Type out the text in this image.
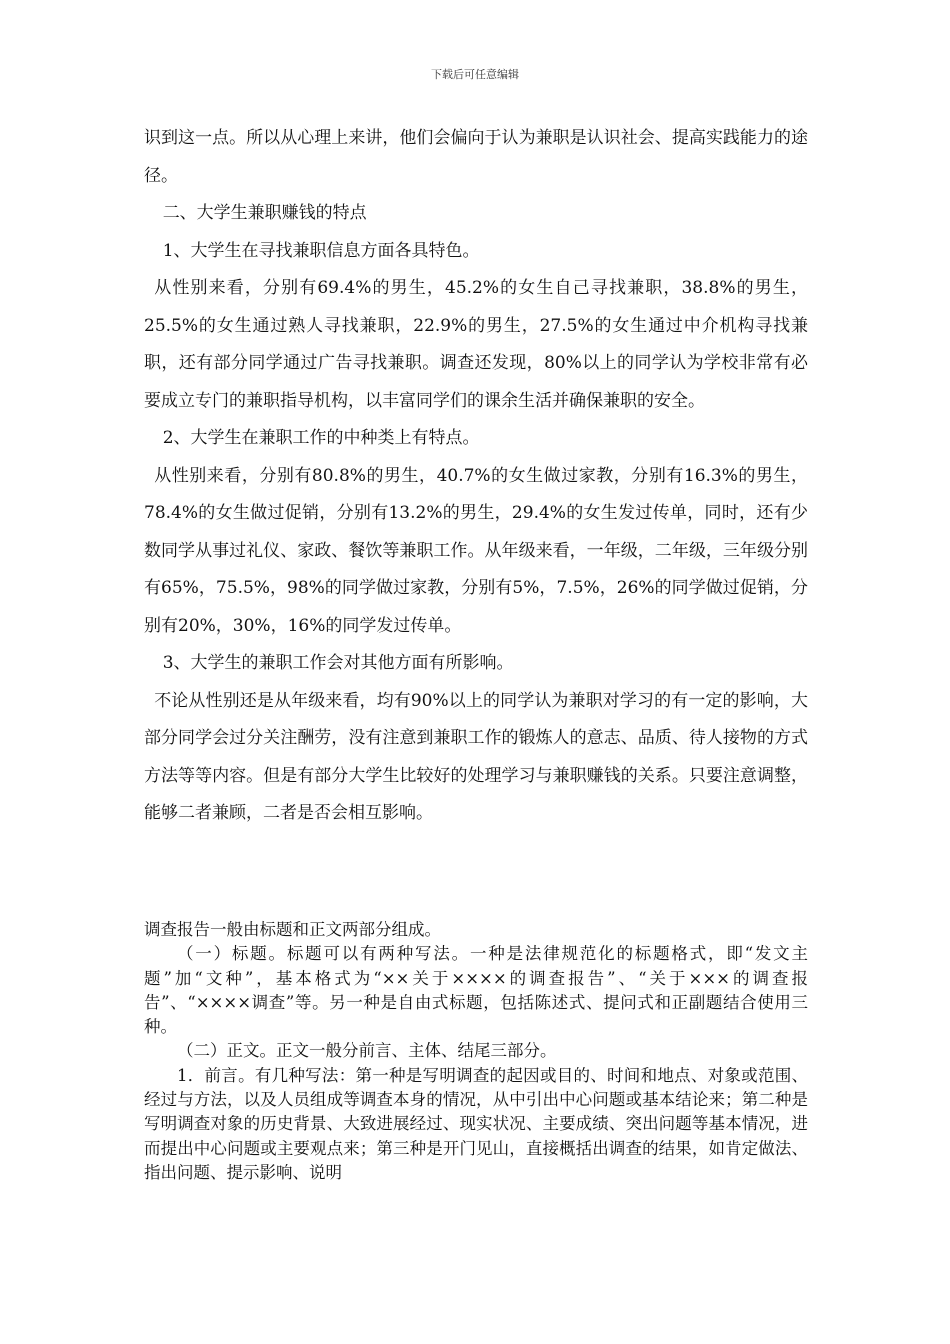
下载后可任意编辑

识到这一点。所以从心理上来讲，他们会偏向于认为兼职是认识社会、提高实践能力的途径。

二、大学生兼职赚钱的特点

1、大学生在寻找兼职信息方面各具特色。

从性别来看，分别有69.4%的男生，45.2%的女生自己寻找兼职，38.8%的男生，25.5%的女生通过熟人寻找兼职，22.9%的男生，27.5%的女生通过中介机构寻找兼职，还有部分同学通过广告寻找兼职。调查还发现，80%以上的同学认为学校非常有必要成立专门的兼职指导机构，以丰富同学们的课余生活并确保兼职的安全。

2、大学生在兼职工作的中种类上有特点。

从性别来看，分别有80.8%的男生，40.7%的女生做过家教，分别有16.3%的男生，78.4%的女生做过促销，分别有13.2%的男生，29.4%的女生发过传单，同时，还有少数同学从事过礼仪、家政、餐饮等兼职工作。从年级来看，一年级，二年级，三年级分别有65%，75.5%，98%的同学做过家教，分别有5%，7.5%，26%的同学做过促销，分别有20%，30%，16%的同学发过传单。

3、大学生的兼职工作会对其他方面有所影响。

不论从性别还是从年级来看，均有90%以上的同学认为兼职对学习的有一定的影响，大部分同学会过分关注酬劳，没有注意到兼职工作的锻炼人的意志、品质、待人接物的方式方法等等内容。但是有部分大学生比较好的处理学习与兼职赚钱的关系。只要注意调整，能够二者兼顾，二者是否会相互影响。

调查报告一般由标题和正文两部分组成。

（一）标题。标题可以有两种写法。一种是法律规范化的标题格式，即“发文主题”加“文种”，基本格式为“××关于××××的调查报告”、“关于×××的调查报告”、“××××调查”等。另一种是自由式标题，包括陈述式、提问式和正副题结合使用三种。

（二）正文。正文一般分前言、主体、结尾三部分。

1．前言。有几种写法：第一种是写明调查的起因或目的、时间和地点、对象或范围、经过与方法，以及人员组成等调查本身的情况，从中引出中心问题或基本结论来；第二种是写明调查对象的历史背景、大致进展经过、现实状况、主要成绩、突出问题等基本情况，进而提出中心问题或主要观点来；第三种是开门见山，直接概括出调查的结果，如肯定做法、指出问题、提示影响、说明
